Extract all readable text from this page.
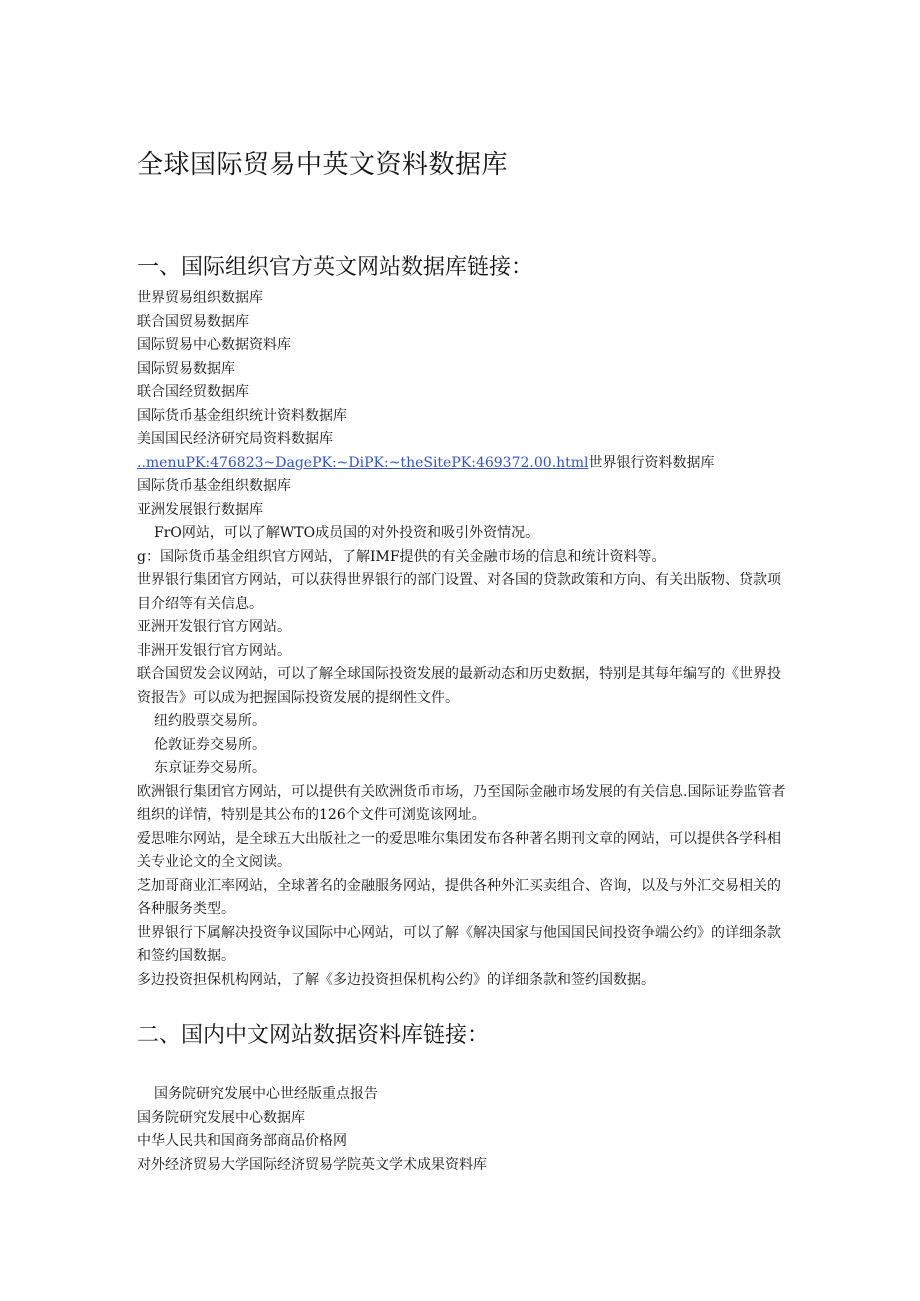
全球国际贸易中英文资料数据库
一、国际组织官方英文网站数据库链接：
世界贸易组织数据库
联合国贸易数据库
国际贸易中心数据资料库
国际贸易数据库
联合国经贸数据库
国际货币基金组织统计资料数据库
美国国民经济研究局资料数据库
..menuPK:476823~DagePK:~DiPK:~theSitePK:469372.00.html世界银行资料数据库
国际货币基金组织数据库
亚洲发展银行数据库
FrO网站，可以了解WTO成员国的对外投资和吸引外资情况。
g：国际货币基金组织官方网站，了解IMF提供的有关金融市场的信息和统计资料等。
世界银行集团官方网站，可以获得世界银行的部门设置、对各国的贷款政策和方向、有关出版物、贷款项目介绍等有关信息。
亚洲开发银行官方网站。
非洲开发银行官方网站。
联合国贸发会议网站，可以了解全球国际投资发展的最新动态和历史数据，特别是其每年编写的《世界投资报告》可以成为把握国际投资发展的提纲性文件。
纽约股票交易所。
伦敦证券交易所。
东京证券交易所。
欧洲银行集团官方网站，可以提供有关欧洲货币市场，乃至国际金融市场发展的有关信息.国际证券监管者组织的详情，特别是其公布的126个文件可浏览该网址。
爱思唯尔网站，是全球五大出版社之一的爱思唯尔集团发布各种著名期刊文章的网站，可以提供各学科相关专业论文的全文阅读。
芝加哥商业汇率网站，全球著名的金融服务网站，提供各种外汇买卖组合、咨询，以及与外汇交易相关的各种服务类型。
世界银行下属解决投资争议国际中心网站，可以了解《解决国家与他国国民间投资争端公约》的详细条款和签约国数据。
多边投资担保机构网站，了解《多边投资担保机构公约》的详细条款和签约国数据。
二、国内中文网站数据资料库链接：
国务院研究发展中心世经版重点报告
国务院研究发展中心数据库
中华人民共和国商务部商品价格网
对外经济贸易大学国际经济贸易学院英文学术成果资料库
